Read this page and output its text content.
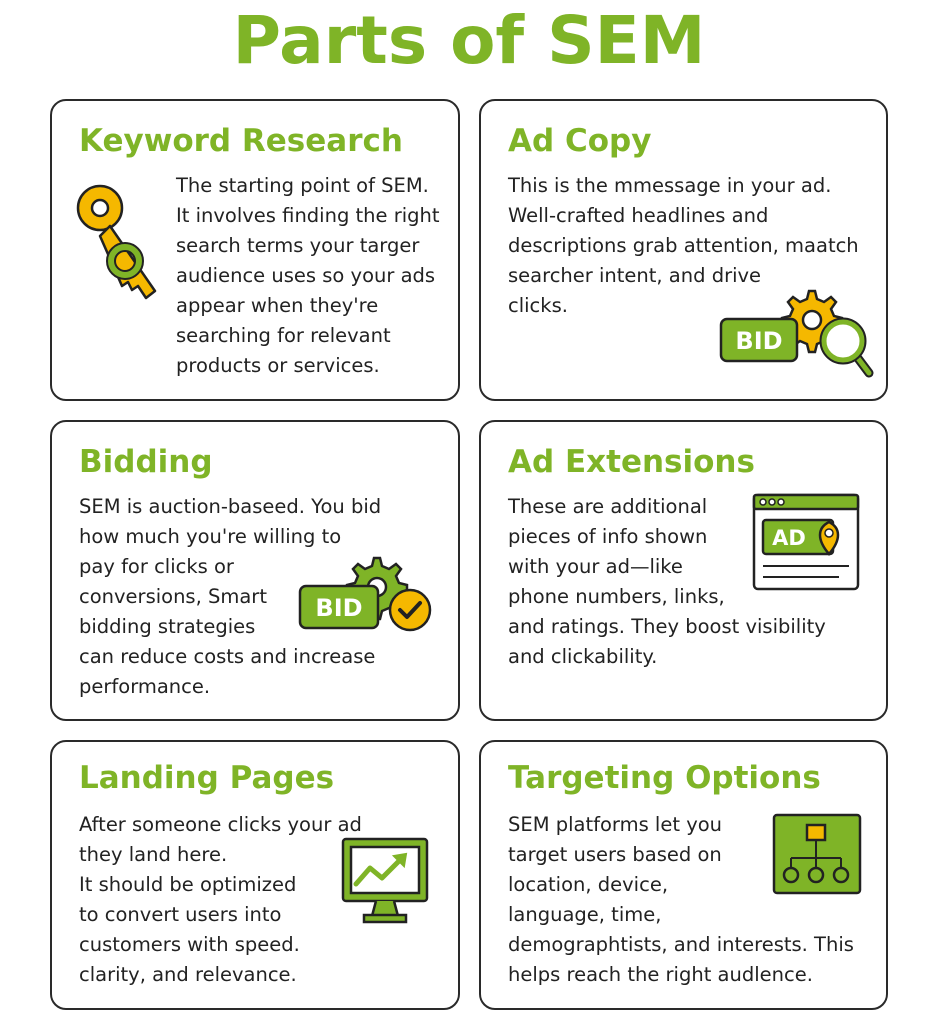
Parts of SEM
Keyword Research
The starting point of SEM.
It involves finding the right
search terms your targer
audience uses so your ads
appear when they're
searching for relevant
products or services.
Ad Copy
This is the mmessage in your ad.
Well-crafted headlines and
descriptions grab attention, maatch
searcher intent, and drive
clicks.
BID
Bidding
SEM is auction-baseed. You bid
how much you're willing to
pay for clicks or
conversions, Smart
bidding strategies
can reduce costs and increase
performance.
BID
Ad Extensions
These are additional
pieces of info shown
with your ad—like
phone numbers, links,
and ratings. They boost visibility
and clickability.
AD
Landing Pages
After someone clicks your ad
they land here.
It should be optimized
to convert users into
customers with speed.
clarity, and relevance.
Targeting Options
SEM platforms let you
target users based on
location, device,
language, time,
demographtists, and interests. This
helps reach the right audlence.
